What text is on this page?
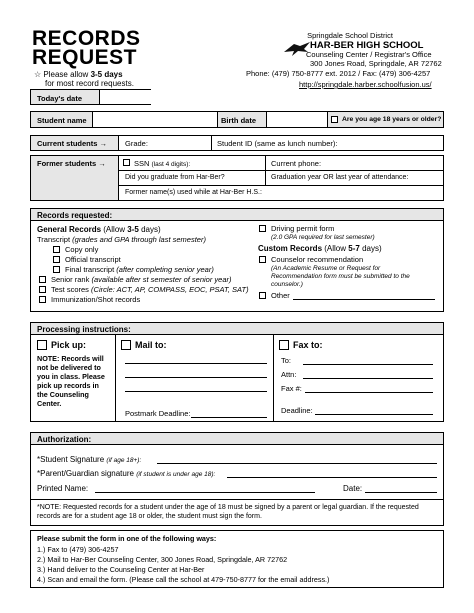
RECORDS
REQUEST
☆ Please allow 3-5 days
for most record requests.
Springdale School District
HAR-BER HIGH SCHOOL
Counseling Center / Registrar's Office
300 Jones Road, Springdale, AR 72762
Phone: (479) 750-8777 ext. 2012 / Fax: (479) 306-4257
http://springdale.harber.schoolfusion.us/
Today's date
Student name	Birth date	Are you age 18 years or older?
Current students → Grade:	Student ID (same as lunch number):
Former students →	SSN (last 4 digits):	Current phone:
Did you graduate from Har-Ber?	Graduation year OR last year of attendance:
Former name(s) used while at Har-Ber H.S.:
Records requested:
General Records (Allow 3-5 days)
Transcript (grades and GPA through last semester)
Copy only
Official transcript
Final transcript (after completing senior year)
Senior rank (available after st semester of senior year)
Test scores (Circle: ACT, AP, COMPASS, EOC, PSAT, SAT)
Immunization/Shot records
Driving permit form
(2.0 GPA required for last semester)
Custom Records (Allow 5-7 days)
Counselor recommendation
(An Academic Resume or Request for
Recommendation form must be submitted to the
counselor.)
Other
Processing instructions:
Pick up:
NOTE: Records will not be delivered to you in class. Please pick up records in the Counseling Center.
Mail to:
Postmark Deadline:
Fax to:
To:
Attn:
Fax #:
Deadline:
Authorization:
*Student Signature (if age 18+):
*Parent/Guardian signature (if student is under age 18):
Printed Name:	Date:
*NOTE: Requested records for a student under the age of 18 must be signed by a parent or legal guardian. If the requested records are for a student age 18 or older, the student must sign the form.
Please submit the form in one of the following ways:
1.) Fax to (479) 306-4257
2.) Mail to Har-Ber Counseling Center, 300 Jones Road, Springdale, AR 72762
3.) Hand deliver to the Counseling Center at Har-Ber
4.) Scan and email the form. (Please call the school at 479-750-8777 for the email address.)
